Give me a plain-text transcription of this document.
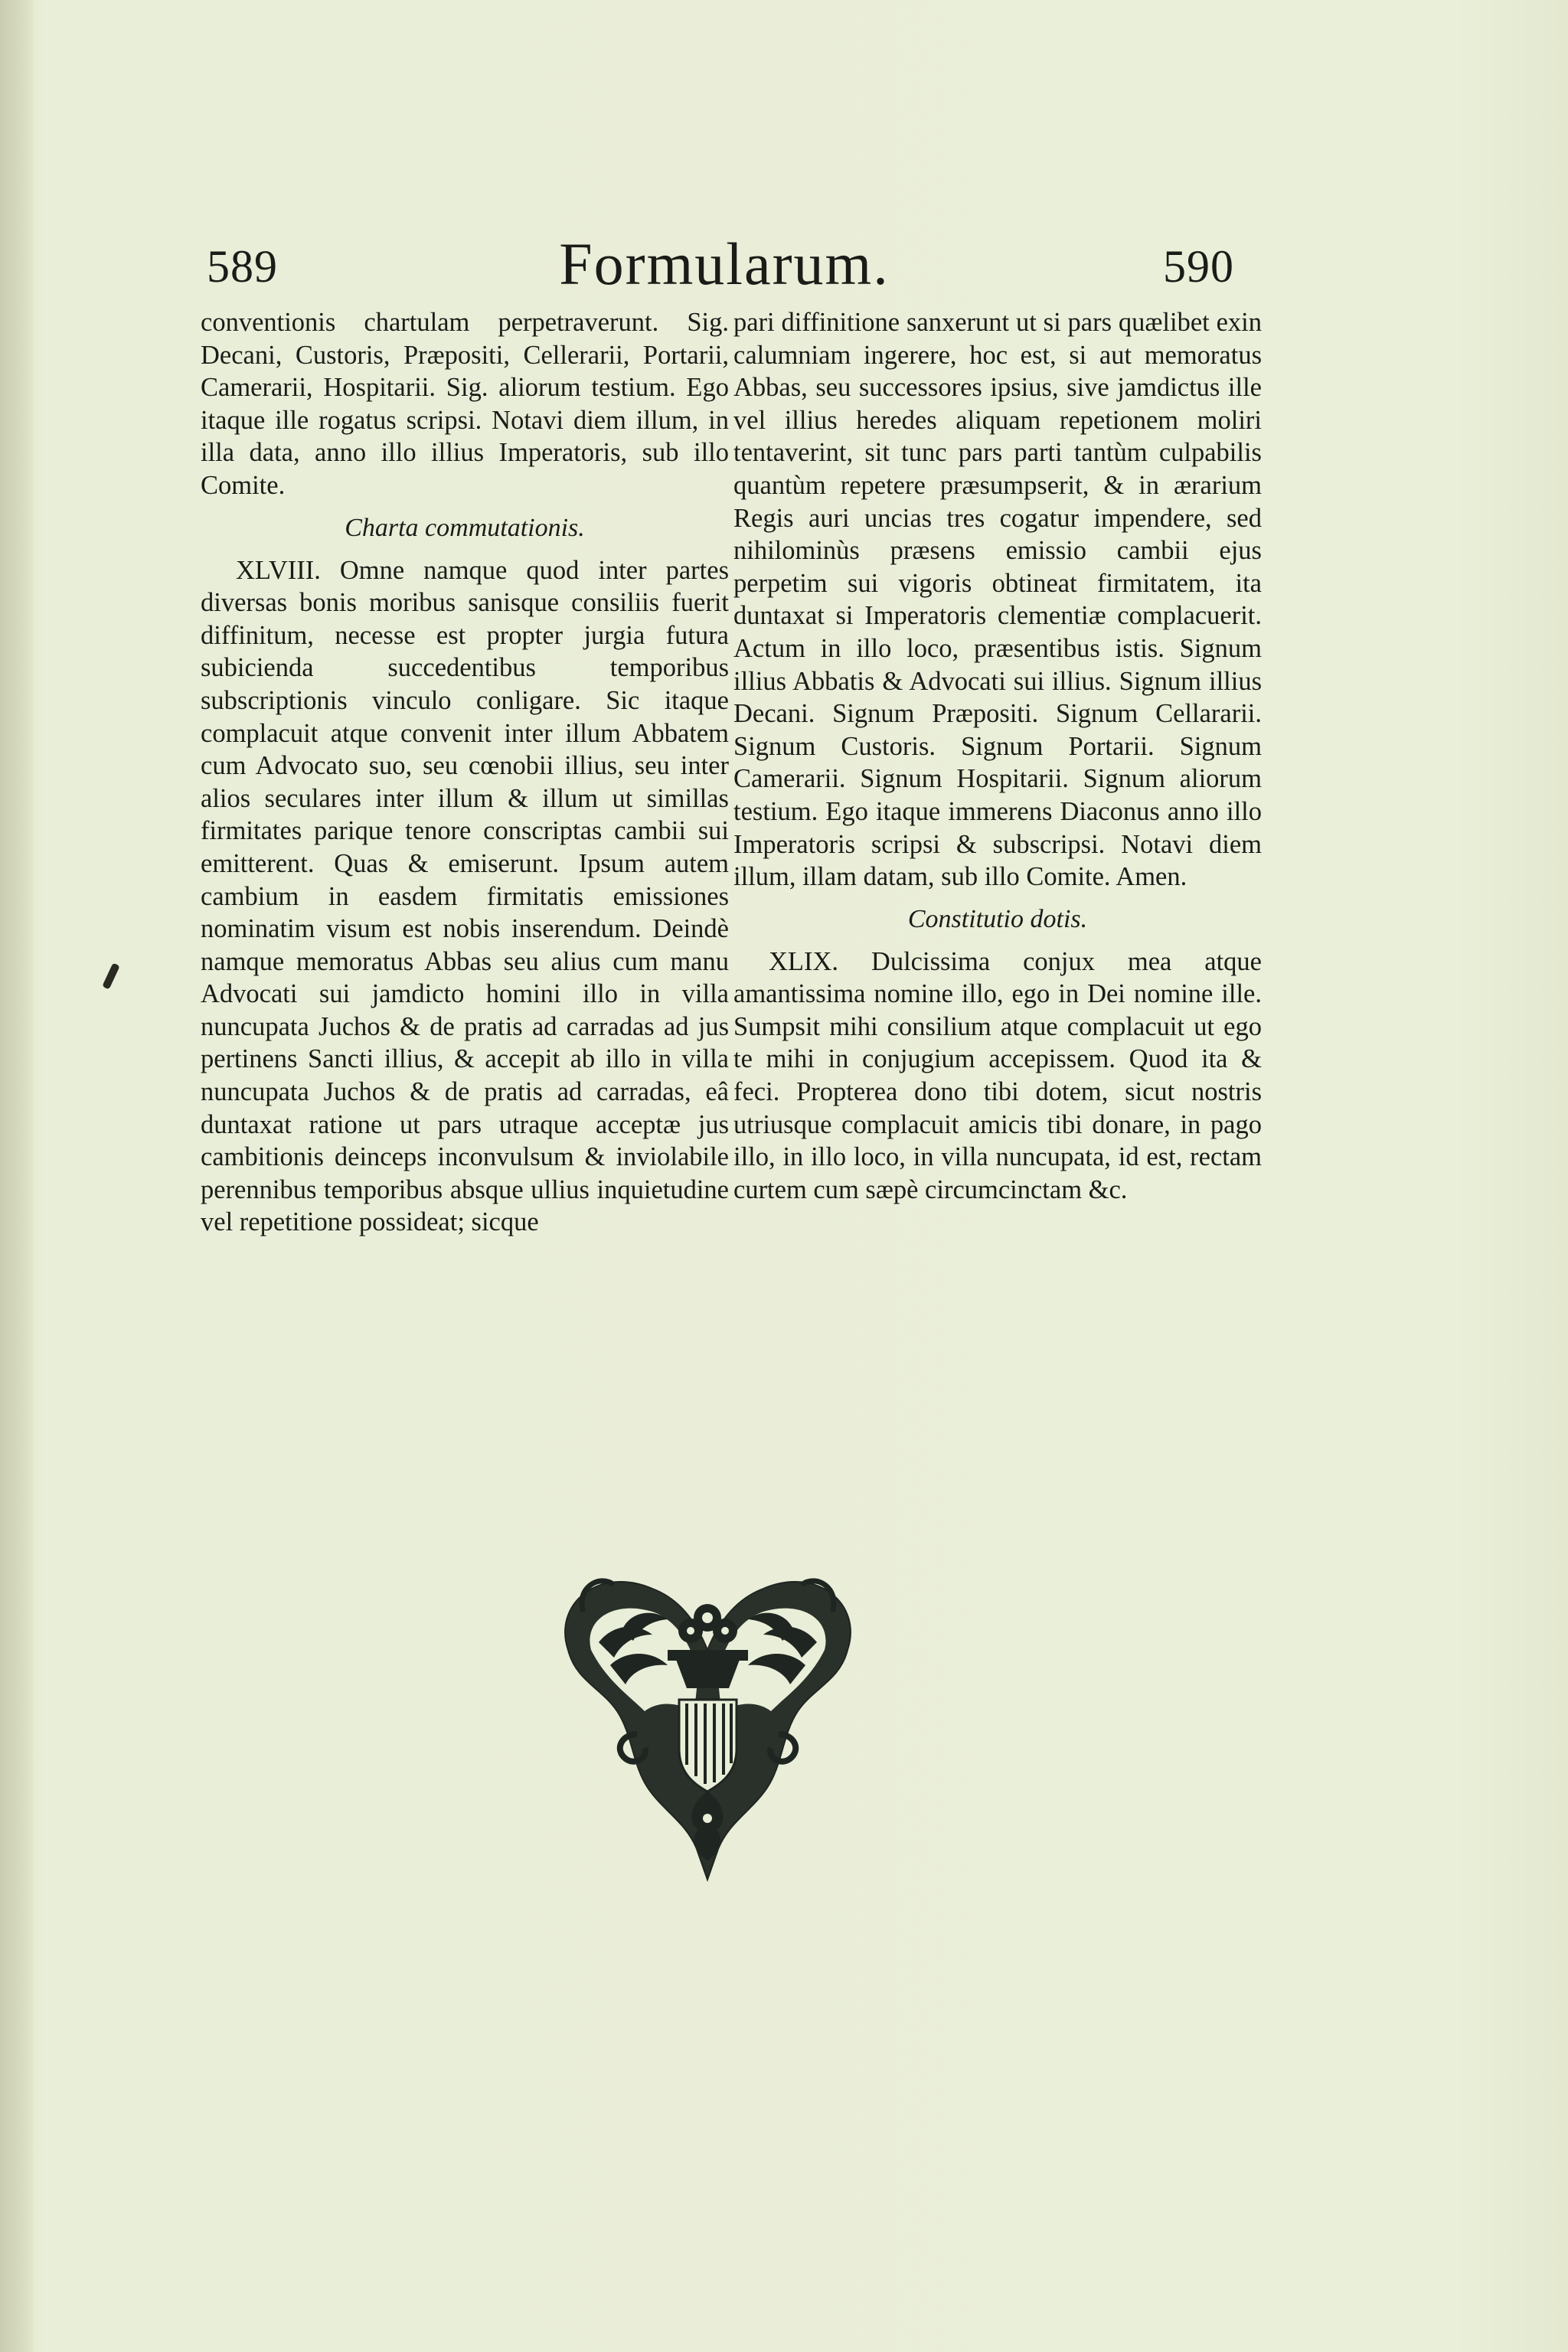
589	Formularum.	590

conventionis chartulam perpetraverunt. Sig. Decani, Custoris, Præpositi, Cellerarii, Portarii, Camerarii, Hospitarii. Sig. aliorum testium. Ego itaque ille rogatus scripsi. Notavi diem illum, in illa data, anno illo illius Imperatoris, sub illo Comite.

Charta commutationis.

XLVIII. Omne namque quod inter partes diversas bonis moribus sanisque consiliis fuerit diffinitum, necesse est propter jurgia futura subicienda succedentibus temporibus subscriptionis vinculo conligare. Sic itaque complacuit atque convenit inter illum Abbatem cum Advocato suo, seu cœnobii illius, seu inter alios seculares inter illum & illum ut simillas firmitates parique tenore conscriptas cambii sui emitterent. Quas & emiserunt. Ipsum autem cambium in easdem firmitatis emissiones nominatim visum est nobis inserendum. Deindè namque memoratus Abbas seu alius cum manu Advocati sui jamdicto homini illo in villa nuncupata Juchos & de pratis ad carradas ad jus pertinens Sancti illius, & accepit ab illo in villa nuncupata Juchos & de pratis ad carradas, eâ duntaxat ratione ut pars utraque acceptæ jus cambitionis deinceps inconvulsum & inviolabile perennibus temporibus absque ullius inquietudine vel repetitione possideat; sicque

pari diffinitione sanxerunt ut si pars quælibet exin calumniam ingerere, hoc est, si aut memoratus Abbas, seu successores ipsius, sive jamdictus ille vel illius heredes aliquam repetionem moliri tentaverint, sit tunc pars parti tantùm culpabilis quantùm repetere præsumpserit, & in ærarium Regis auri uncias tres cogatur impendere, sed nihilominùs præsens emissio cambii ejus perpetim sui vigoris obtineat firmitatem, ita duntaxat si Imperatoris clementiæ complacuerit. Actum in illo loco, præsentibus istis. Signum illius Abbatis & Advocati sui illius. Signum illius Decani. Signum Præpositi. Signum Cellararii. Signum Custoris. Signum Portarii. Signum Camerarii. Signum Hospitarii. Signum aliorum testium. Ego itaque immerens Diaconus anno illo Imperatoris scripsi & subscripsi. Notavi diem illum, illam datam, sub illo Comite. Amen.

Constitutio dotis.

XLIX. Dulcissima conjux mea atque amantissima nomine illo, ego in Dei nomine ille. Sumpsit mihi consilium atque complacuit ut ego te mihi in conjugium accepissem. Quod ita & feci. Propterea dono tibi dotem, sicut nostris utriusque complacuit amicis tibi donare, in pago illo, in illo loco, in villa nuncupata, id est, rectam curtem cum sæpè circumcinctam &c.
